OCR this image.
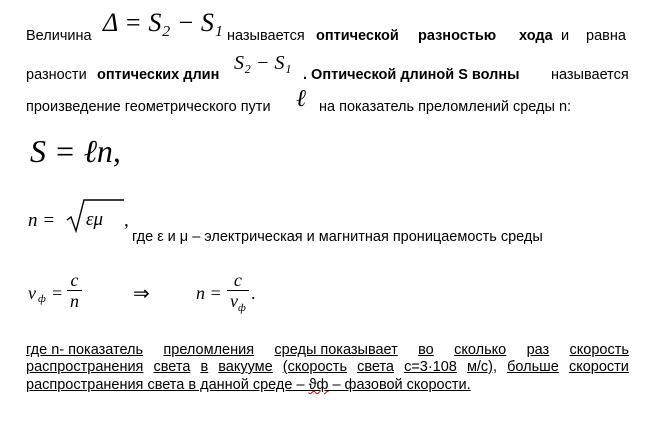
Величина Δ = S₂ − S₁ называется оптической разностью хода и равна
разности оптических длин
S₂ − S₁
. Оптической длиной S волны называется
произведение геометрического пути ℓ на показатель преломлений среды n:
S = ℓn,
n = εμ ,
где ε и μ – электрическая и магнитная проницаемость среды
v ф =
c
n	⇒	n =
c
$v_ф$
.
где n- показатель преломления среды показывает во сколько раз скорость
распространения света в вакууме (скорость света c=3·108 м/с), больше скорости
распространения света в данной среде – ϑф – фазовой скорости.
